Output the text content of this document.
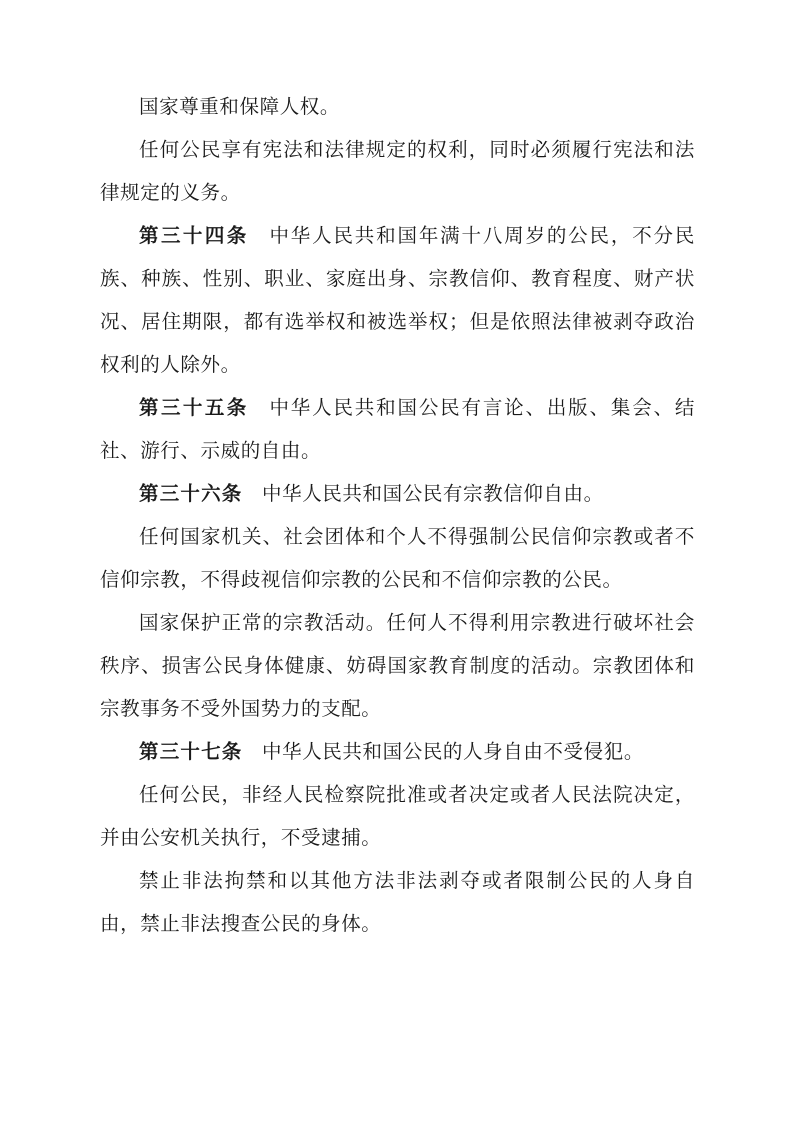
国家尊重和保障人权。

任何公民享有宪法和法律规定的权利，同时必须履行宪法和法律规定的义务。

第三十四条 中华人民共和国年满十八周岁的公民，不分民族、种族、性别、职业、家庭出身、宗教信仰、教育程度、财产状况、居住期限，都有选举权和被选举权；但是依照法律被剥夺政治权利的人除外。

第三十五条 中华人民共和国公民有言论、出版、集会、结社、游行、示威的自由。

第三十六条 中华人民共和国公民有宗教信仰自由。

任何国家机关、社会团体和个人不得强制公民信仰宗教或者不信仰宗教，不得歧视信仰宗教的公民和不信仰宗教的公民。

国家保护正常的宗教活动。任何人不得利用宗教进行破坏社会秩序、损害公民身体健康、妨碍国家教育制度的活动。宗教团体和宗教事务不受外国势力的支配。

第三十七条 中华人民共和国公民的人身自由不受侵犯。

任何公民，非经人民检察院批准或者决定或者人民法院决定，并由公安机关执行，不受逮捕。

禁止非法拘禁和以其他方法非法剥夺或者限制公民的人身自由，禁止非法搜查公民的身体。
